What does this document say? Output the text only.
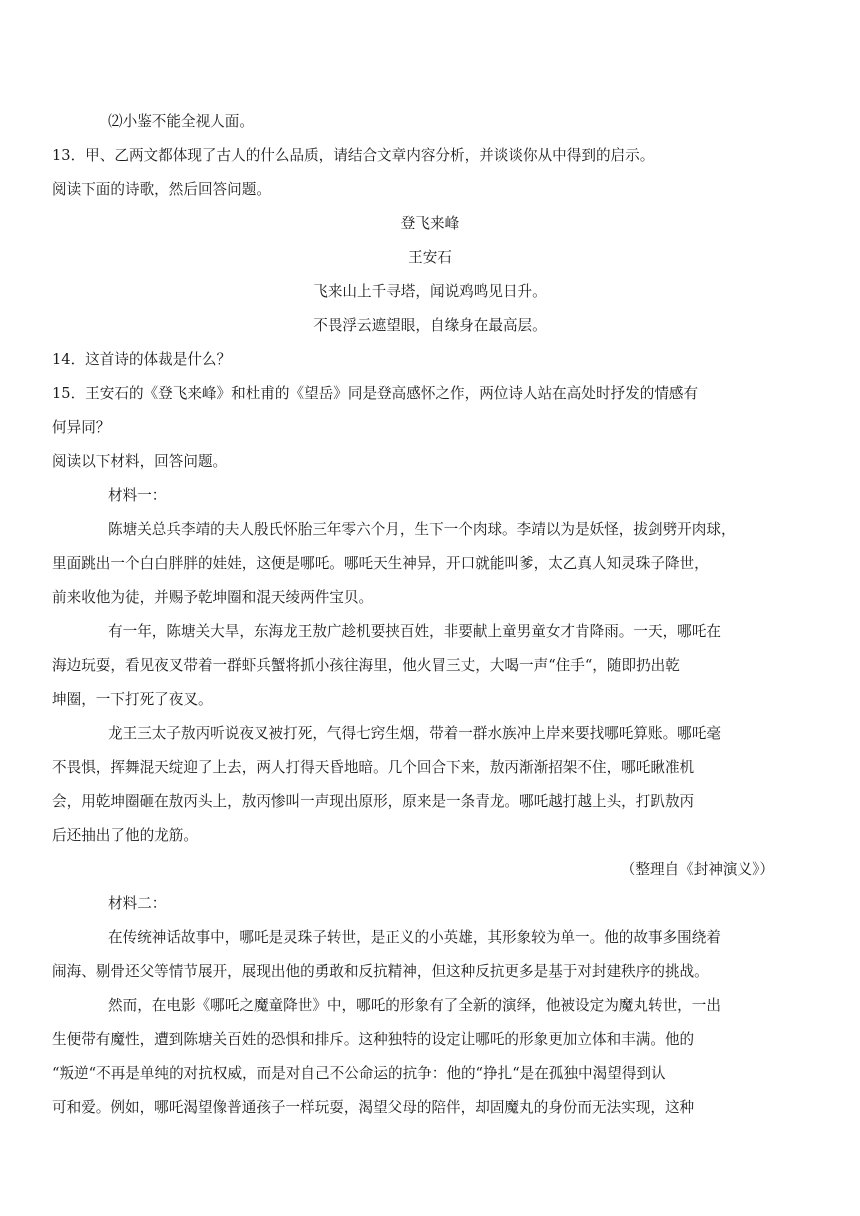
⑵小鉴不能全视人面。
13．甲、乙两文都体现了古人的什么品质，请结合文章内容分析，并谈谈你从中得到的启示。
阅读下面的诗歌，然后回答问题。
登飞来峰
王安石
飞来山上千寻塔，闻说鸡鸣见日升。
不畏浮云遮望眼，自缘身在最高层。
14．这首诗的体裁是什么？
15．王安石的《登飞来峰》和杜甫的《望岳》同是登高感怀之作，两位诗人站在高处时抒发的情感有
何异同？
阅读以下材料，回答问题。
材料一：
陈塘关总兵李靖的夫人殷氏怀胎三年零六个月，生下一个肉球。李靖以为是妖怪，拔剑劈开肉球，
里面跳出一个白白胖胖的娃娃，这便是哪吒。哪吒天生神异，开口就能叫爹，太乙真人知灵珠子降世，
前来收他为徒，并赐予乾坤圈和混天绫两件宝贝。
有一年，陈塘关大旱，东海龙王敖广趁机要挟百姓，非要献上童男童女才肯降雨。一天，哪吒在
海边玩耍，看见夜叉带着一群虾兵蟹将抓小孩往海里，他火冒三丈，大喝一声“住手“，随即扔出乾
坤圈，一下打死了夜叉。
龙王三太子敖丙听说夜叉被打死，气得七窍生烟，带着一群水族冲上岸来要找哪吒算账。哪吒毫
不畏惧，挥舞混天绽迎了上去，两人打得天昏地暗。几个回合下来，敖丙渐渐招架不住，哪吒瞅准机
会，用乾坤圈砸在敖丙头上，敖丙惨叫一声现出原形，原来是一条青龙。哪吒越打越上头，打趴敖丙
后还抽出了他的龙筋。
（整理自《封神演义》）
材料二：
在传统神话故事中，哪吒是灵珠子转世，是正义的小英雄，其形象较为单一。他的故事多围绕着
闹海、剔骨还父等情节展开，展现出他的勇敢和反抗精神，但这种反抗更多是基于对封建秩序的挑战。
然而，在电影《哪吒之魔童降世》中，哪吒的形象有了全新的演绎，他被设定为魔丸转世，一出
生便带有魔性，遭到陈塘关百姓的恐惧和排斥。这种独特的设定让哪吒的形象更加立体和丰满。他的
“叛逆“不再是单纯的对抗权威，而是对自己不公命运的抗争：他的“挣扎“是在孤独中渴望得到认
可和爱。例如，哪吒渴望像普通孩子一样玩耍，渴望父母的陪伴，却固魔丸的身份而无法实现，这种
